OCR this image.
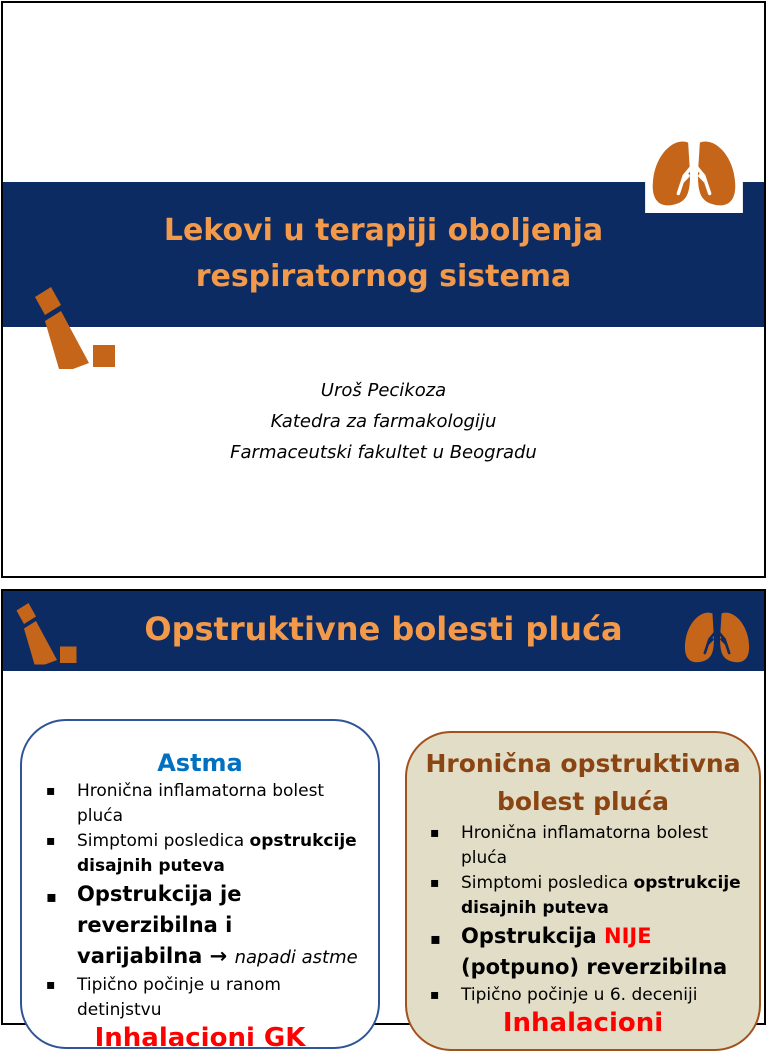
Lekovi u terapiji oboljenja respiratornog sistema
Uroš Pecikoza
Katedra za farmakologiju
Farmaceutski fakultet u Beogradu
Opstruktivne bolesti pluća
Astma
▪ Hronična inflamatorna bolest pluća
▪ Simptomi posledica opstrukcije disajnih puteva
▪ Opstrukcija je reverzibilna i varijabilna → napadi astme
▪ Tipično počinje u ranom detinjstvu
Inhalacioni GK
Hronična opstruktivna bolest pluća
▪ Hronična inflamatorna bolest pluća
▪ Simptomi posledica opstrukcije disajnih puteva
▪ Opstrukcija NIJE
(potpuno) reverzibilna
▪ Tipično počinje u 6. deceniji
Inhalacioni
